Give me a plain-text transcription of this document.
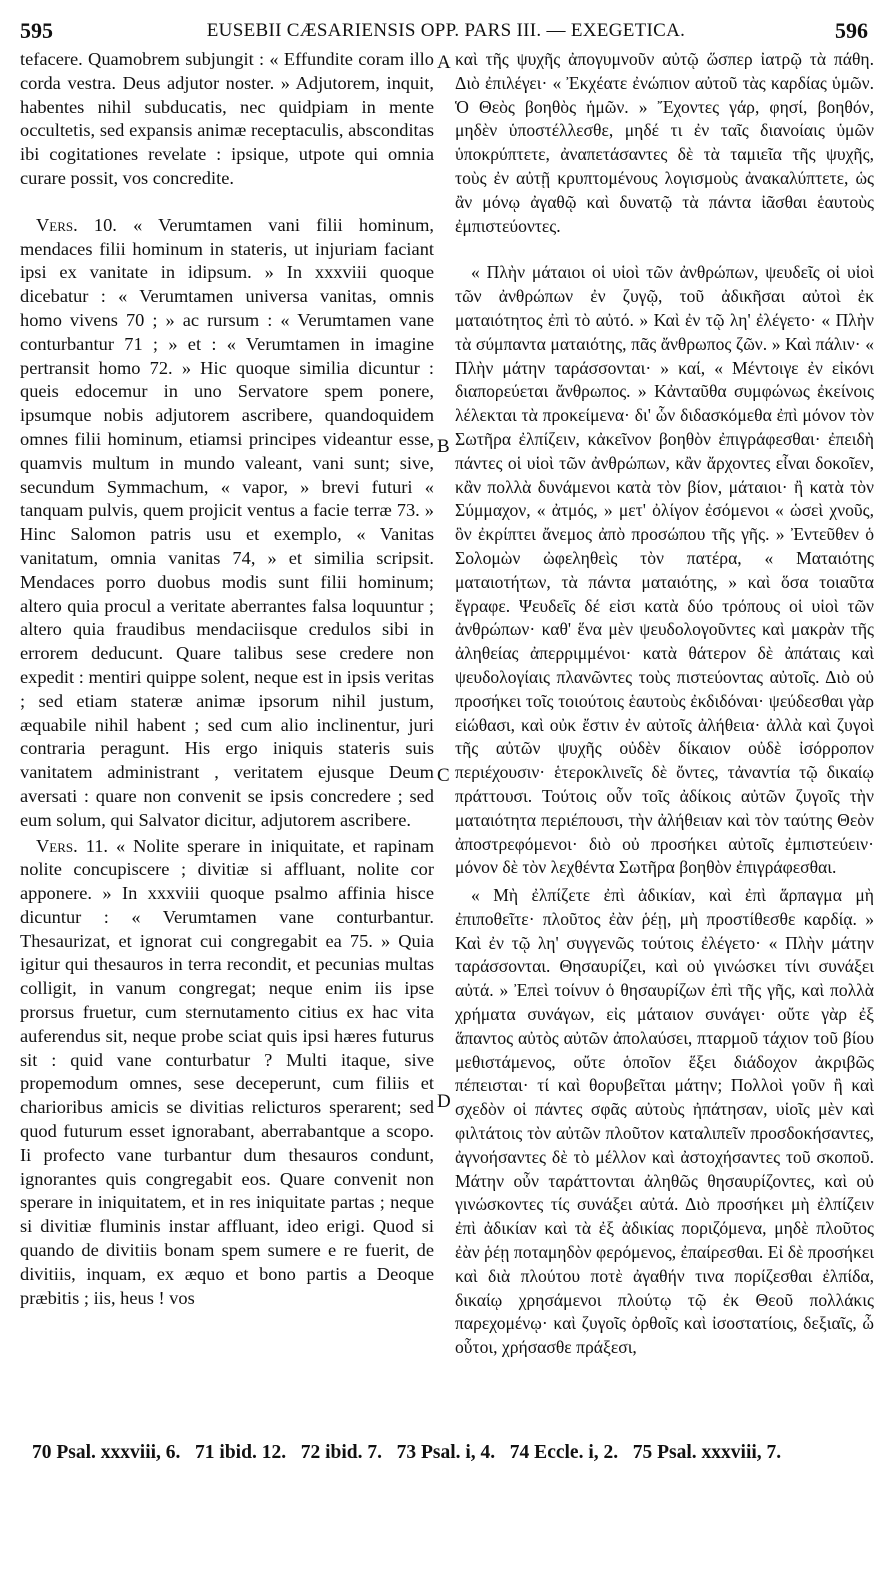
595	EUSEBII CÆSARIENSIS OPP. PARS III. — EXEGETICA.	596

tefacere. Quamobrem subjungit : « Effundite coram illo corda vestra. Deus adjutor noster. » Adjutorem, inquit, habentes nihil subducatis, nec quidpiam in mente occultetis, sed expansis animæ receptaculis, absconditas ibi cogitationes revelate : ipsique, utpote qui omnia curare possit, vos concredite.

Vers. 10. « Verumtamen vani filii hominum, mendaces filii hominum in stateris, ut injuriam faciant ipsi ex vanitate in idipsum. » In xxxviii quoque dicebatur : « Verumtamen universa vanitas, omnis homo vivens 70 ; » ac rursum : « Verumtamen vane conturbantur 71 ; » et : « Verumtamen in imagine pertransit homo 72. » Hic quoque similia dicuntur : queis edocemur in uno Servatore spem ponere, ipsumque nobis adjutorem ascribere, quandoquidem omnes filii hominum, etiamsi principes videantur esse, quamvis multum in mundo valeant, vani sunt; sive, secundum Symmachum, « vapor, » brevi futuri « tanquam pulvis, quem projicit ventus a facie terræ 73. » Hinc Salomon patris usu et exemplo, « Vanitas vanitatum, omnia vanitas 74, » et similia scripsit. Mendaces porro duobus modis sunt filii hominum; altero quia procul a veritate aberrantes falsa loquuntur ; altero quia fraudibus mendaciisque credulos sibi in errorem deducunt. Quare talibus sese credere non expedit : mentiri quippe solent, neque est in ipsis veritas ; sed etiam stateræ animæ ipsorum nihil justum, æquabile nihil habent ; sed cum alio inclinentur, juri contraria peragunt. His ergo iniquis stateris suis vanitatem administrant , veritatem ejusque Deum aversati : quare non convenit se ipsis concredere ; sed eum solum, qui Salvator dicitur, adjutorem ascribere.

Vers. 11. « Nolite sperare in iniquitate, et rapinam nolite concupiscere ; divitiæ si affluant, nolite cor apponere. » In xxxviii quoque psalmo affinia hisce dicuntur : « Verumtamen vane conturbantur. Thesaurizat, et ignorat cui congregabit ea 75. » Quia igitur qui thesauros in terra recondit, et pecunias multas colligit, in vanum congregat; neque enim iis ipse prorsus fruetur, cum sternutamento citius ex hac vita auferendus sit, neque probe sciat quis ipsi hæres futurus sit : quid vane conturbatur ? Multi itaque, sive propemodum omnes, sese deceperunt, cum filiis et charioribus amicis se divitias relicturos sperarent; sed quod futurum esset ignorabant, aberrabantque a scopo. Ii profecto vane turbantur dum thesauros condunt, ignorantes quis congregabit eos. Quare convenit non sperare in iniquitatem, et in res iniquitate partas ; neque si divitiæ fluminis instar affluant, ideo erigi. Quod si quando de divitiis bonam spem sumere e re fuerit, de divitiis, inquam, ex æquo et bono partis a Deoque præbitis ; iis, heus ! vos

A
B
C
D

καὶ τῆς ψυχῆς ἀπογυμνοῦν αὐτῷ ὥσπερ ἰατρῷ τὰ πάθη. Διὸ ἐπιλέγει· « Ἐκχέατε ἐνώπιον αὐτοῦ τὰς καρδίας ὑμῶν. Ὁ Θεὸς βοηθὸς ἡμῶν. » Ἔχοντες γάρ, φησί, βοηθόν, μηδὲν ὑποστέλλεσθε, μηδέ τι ἐν ταῖς διανοίαις ὑμῶν ὑποκρύπτετε, ἀναπετάσαντες δὲ τὰ ταμιεῖα τῆς ψυχῆς, τοὺς ἐν αὐτῇ κρυπτομένους λογισμοὺς ἀνακαλύπτετε, ὡς ἂν μόνῳ ἀγαθῷ καὶ δυνατῷ τὰ πάντα ἰᾶσθαι ἑαυτοὺς ἐμπιστεύοντες.

« Πλὴν μάταιοι οἱ υἱοὶ τῶν ἀνθρώπων, ψευδεῖς οἱ υἱοὶ τῶν ἀνθρώπων ἐν ζυγῷ, τοῦ ἀδικῆσαι αὐτοὶ ἐκ ματαιότητος ἐπὶ τὸ αὐτό. » Καὶ ἐν τῷ λη' ἐλέγετο· « Πλὴν τὰ σύμπαντα ματαιότης, πᾶς ἄνθρωπος ζῶν. » Καὶ πάλιν· « Πλὴν μάτην ταράσσονται· » καί, « Μέντοιγε ἐν εἰκόνι διαπορεύεται ἄνθρωπος. » Κἀνταῦθα συμφώνως ἐκείνοις λέλεκται τὰ προκείμενα· δι' ὧν διδασκόμεθα ἐπὶ μόνον τὸν Σωτῆρα ἐλπίζειν, κἀκεῖνον βοηθὸν ἐπιγράφεσθαι· ἐπειδὴ πάντες οἱ υἱοὶ τῶν ἀνθρώπων, κἂν ἄρχοντες εἶναι δοκοῖεν, κἂν πολλὰ δυνάμενοι κατὰ τὸν βίον, μάταιοι· ἢ κατὰ τὸν Σύμμαχον, « ἀτμός, » μετ' ὀλίγον ἐσόμενοι « ὡσεὶ χνοῦς, ὃν ἐκρίπτει ἄνεμος ἀπὸ προσώπου τῆς γῆς. » Ἐντεῦθεν ὁ Σολομὼν ὠφεληθεὶς τὸν πατέρα, « Ματαιότης ματαιοτήτων, τὰ πάντα ματαιότης, » καὶ ὅσα τοιαῦτα ἔγραφε. Ψευδεῖς δέ εἰσι κατὰ δύο τρόπους οἱ υἱοὶ τῶν ἀνθρώπων· καθ' ἕνα μὲν ψευδολογοῦντες καὶ μακρὰν τῆς ἀληθείας ἀπερριμμένοι· κατὰ θάτερον δὲ ἀπάταις καὶ ψευδολογίαις πλανῶντες τοὺς πιστεύοντας αὐτοῖς. Διὸ οὐ προσήκει τοῖς τοιούτοις ἑαυτοὺς ἐκδιδόναι· ψεύδεσθαι γὰρ εἰώθασι, καὶ οὐκ ἔστιν ἐν αὐτοῖς ἀλήθεια· ἀλλὰ καὶ ζυγοὶ τῆς αὐτῶν ψυχῆς οὐδὲν δίκαιον οὐδὲ ἰσόρροπον περιέχουσιν· ἑτεροκλινεῖς δὲ ὄντες, τἀναντία τῷ δικαίῳ πράττουσι. Τούτοις οὖν τοῖς ἀδίκοις αὐτῶν ζυγοῖς τὴν ματαιότητα περιέπουσι, τὴν ἀλήθειαν καὶ τὸν ταύτης Θεὸν ἀποστρεφόμενοι· διὸ οὐ προσήκει αὐτοῖς ἐμπιστεύειν· μόνον δὲ τὸν λεχθέντα Σωτῆρα βοηθὸν ἐπιγράφεσθαι.

« Μὴ ἐλπίζετε ἐπὶ ἀδικίαν, καὶ ἐπὶ ἅρπαγμα μὴ ἐπιποθεῖτε· πλοῦτος ἐὰν ῥέῃ, μὴ προστίθεσθε καρδίᾳ. » Καὶ ἐν τῷ λη' συγγενῶς τούτοις ἐλέγετο· « Πλὴν μάτην ταράσσονται. Θησαυρίζει, καὶ οὐ γινώσκει τίνι συνάξει αὐτά. » Ἐπεὶ τοίνυν ὁ θησαυρίζων ἐπὶ τῆς γῆς, καὶ πολλὰ χρήματα συνάγων, εἰς μάταιον συνάγει· οὔτε γὰρ ἐξ ἅπαντος αὐτὸς αὐτῶν ἀπολαύσει, πταρμοῦ τάχιον τοῦ βίου μεθιστάμενος, οὔτε ὁποῖον ἕξει διάδοχον ἀκριβῶς πέπεισται· τί καὶ θορυβεῖται μάτην; Πολλοὶ γοῦν ἢ καὶ σχεδὸν οἱ πάντες σφᾶς αὐτοὺς ἠπάτησαν, υἱοῖς μὲν καὶ φιλτάτοις τὸν αὐτῶν πλοῦτον καταλιπεῖν προσδοκήσαντες, ἀγνοήσαντες δὲ τὸ μέλλον καὶ ἀστοχήσαντες τοῦ σκοποῦ. Μάτην οὖν ταράττονται ἀληθῶς θησαυρίζοντες, καὶ οὐ γινώσκοντες τίς συνάξει αὐτά. Διὸ προσήκει μὴ ἐλπίζειν ἐπὶ ἀδικίαν καὶ τὰ ἐξ ἀδικίας ποριζόμενα, μηδὲ πλοῦτος ἐὰν ῥέῃ ποταμηδὸν φερόμενος, ἐπαίρεσθαι. Εἰ δὲ προσήκει καὶ διὰ πλούτου ποτὲ ἀγαθήν τινα πορίζεσθαι ἐλπίδα, δικαίῳ χρησάμενοι πλούτῳ τῷ ἐκ Θεοῦ πολλάκις παρεχομένῳ· καὶ ζυγοῖς ὀρθοῖς καὶ ἰσοστατίοις, δεξιαῖς, ὦ οὗτοι, χρήσασθε πράξεσι,

70 Psal. xxxviii, 6.   71 ibid. 12.   72 ibid. 7.   73 Psal. i, 4.   74 Eccle. i, 2.   75 Psal. xxxviii, 7.
